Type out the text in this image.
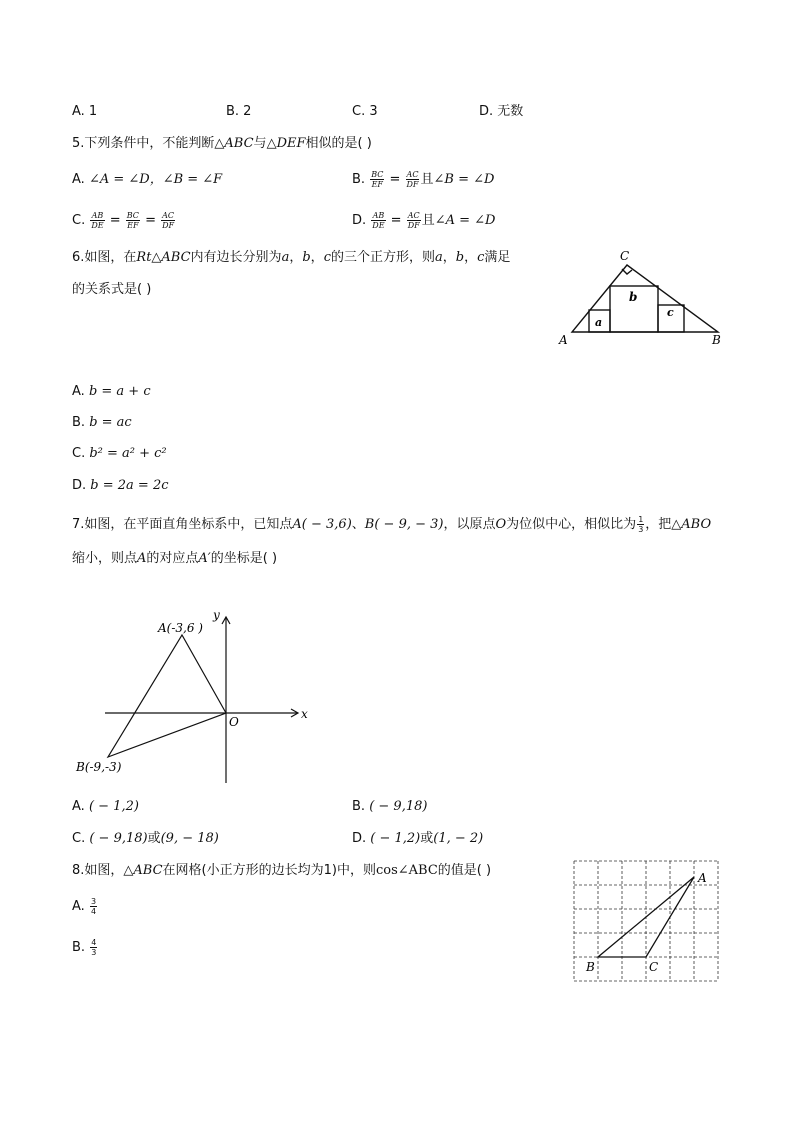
A. 1	B. 2	C. 3	D. 无数
5.下列条件中，不能判断△ABC与△DEF相似的是( )
A. ∠A = ∠D，∠B = ∠F	B. $\frac{BC}{EF} = \frac{AC}{DF}$ 且∠B = ∠D
C. $\frac{AB}{DE} = \frac{BC}{EF} = \frac{AC}{DF}$	D. $\frac{AB}{DE} = \frac{AC}{DF}$ 且∠A = ∠D
6.如图，在Rt△ABC内有边长分别为a，b，c的三个正方形，则a，b，c满足
的关系式是( )
C
A	B
a
b
c
A. b = a + c
B. b = ac
C. b² = a² + c²
D. b = 2a = 2c
7.如图，在平面直角坐标系中，已知点A( − 3,6)、B( − 9, − 3)，以原点O为位似中心，相似比为 $\frac{1}{3}$ ，把△ABO
缩小，则点A的对应点A′的坐标是( )
A(-3,6 )
B(-9,-3)
O
x
y
A. ( − 1,2)	B. ( − 9,18)
C. ( − 9,18)或(9, − 18)	D. ( − 1,2)或(1, − 2)
8.如图，△ABC在网格(小正方形的边长均为1)中，则cos∠ABC的值是( )
A. $\frac{3}{4}$
B. $\frac{4}{3}$
A
B	C
